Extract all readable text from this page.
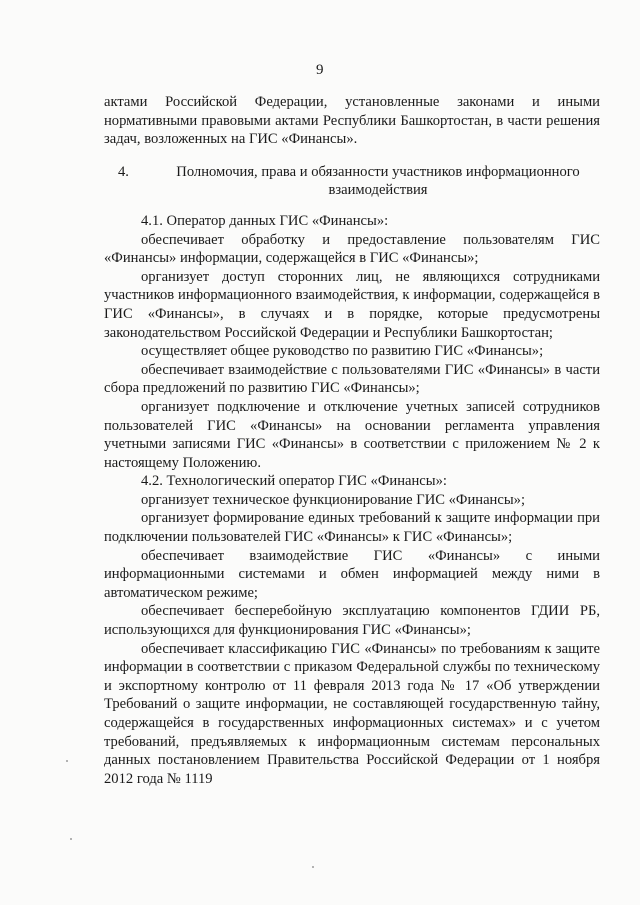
9

актами Российской Федерации, установленные законами и иными нормативными правовыми актами Республики Башкортостан, в части решения задач, возложенных на ГИС «Финансы».

4.	Полномочия, права и обязанности участников информационного взаимодействия

4.1. Оператор данных ГИС «Финансы»:

обеспечивает обработку и предоставление пользователям ГИС «Финансы» информации, содержащейся в ГИС «Финансы»;

организует доступ сторонних лиц, не являющихся сотрудниками участников информационного взаимодействия, к информации, содержащейся в ГИС «Финансы», в случаях и в порядке, которые предусмотрены законодательством Российской Федерации и Республики Башкортостан;

осуществляет общее руководство по развитию ГИС «Финансы»;

обеспечивает взаимодействие с пользователями ГИС «Финансы» в части сбора предложений по развитию ГИС «Финансы»;

организует подключение и отключение учетных записей сотрудников пользователей ГИС «Финансы» на основании регламента управления учетными записями ГИС «Финансы» в соответствии с приложением № 2 к настоящему Положению.

4.2. Технологический оператор ГИС «Финансы»:

организует техническое функционирование ГИС «Финансы»;

организует формирование единых требований к защите информации при подключении пользователей ГИС «Финансы» к ГИС «Финансы»;

обеспечивает взаимодействие ГИС «Финансы» с иными информационными системами и обмен информацией между ними в автоматическом режиме;

обеспечивает бесперебойную эксплуатацию компонентов ГДИИ РБ, использующихся для функционирования ГИС «Финансы»;

обеспечивает классификацию ГИС «Финансы» по требованиям к защите информации в соответствии с приказом Федеральной службы по техническому и экспортному контролю от 11 февраля 2013 года № 17 «Об утверждении Требований о защите информации, не составляющей государственную тайну, содержащейся в государственных информационных системах» и с учетом требований, предъявляемых к информационным системам персональных данных постановлением Правительства Российской Федерации от 1 ноября 2012 года № 1119
